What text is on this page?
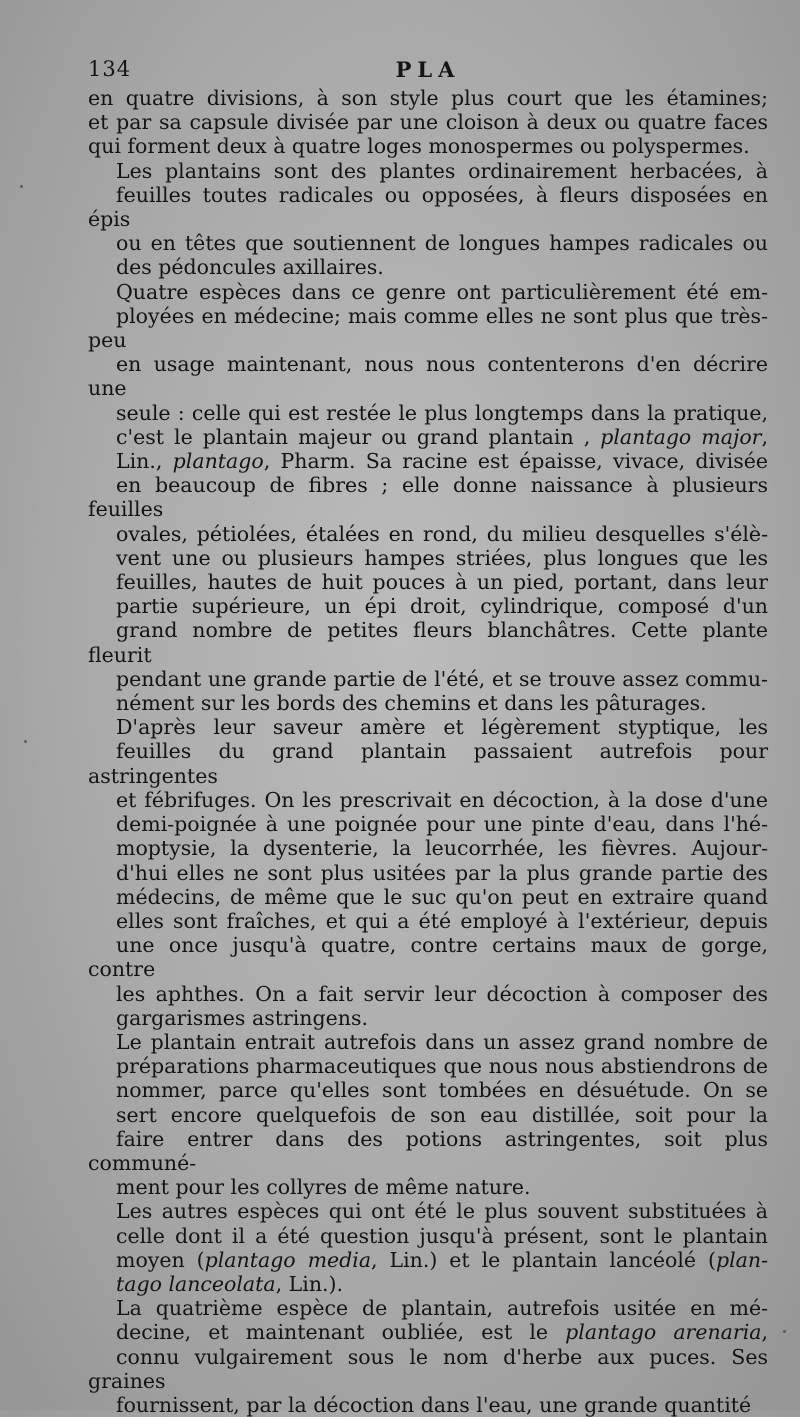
134	PLA

en quatre divisions, à son style plus court que les étamines;
et par sa capsule divisée par une cloison à deux ou quatre faces
qui forment deux à quatre loges monospermes ou polyspermes.

Les plantains sont des plantes ordinairement herbacées, à
feuilles toutes radicales ou opposées, à fleurs disposées en épis
ou en têtes que soutiennent de longues hampes radicales ou
des pédoncules axillaires.

Quatre espèces dans ce genre ont particulièrement été em-
ployées en médecine; mais comme elles ne sont plus que très-peu
en usage maintenant, nous nous contenterons d'en décrire une
seule : celle qui est restée le plus longtemps dans la pratique,
c'est le plantain majeur ou grand plantain , plantago major,
Lin., plantago, Pharm. Sa racine est épaisse, vivace, divisée
en beaucoup de fibres ; elle donne naissance à plusieurs feuilles
ovales, pétiolées, étalées en rond, du milieu desquelles s'élè-
vent une ou plusieurs hampes striées, plus longues que les
feuilles, hautes de huit pouces à un pied, portant, dans leur
partie supérieure, un épi droit, cylindrique, composé d'un
grand nombre de petites fleurs blanchâtres. Cette plante fleurit
pendant une grande partie de l'été, et se trouve assez commu-
nément sur les bords des chemins et dans les pâturages.

D'après leur saveur amère et légèrement styptique, les
feuilles du grand plantain passaient autrefois pour astringentes
et fébrifuges. On les prescrivait en décoction, à la dose d'une
demi-poignée à une poignée pour une pinte d'eau, dans l'hé-
moptysie, la dysenterie, la leucorrhée, les fièvres. Aujour-
d'hui elles ne sont plus usitées par la plus grande partie des
médecins, de même que le suc qu'on peut en extraire quand
elles sont fraîches, et qui a été employé à l'extérieur, depuis
une once jusqu'à quatre, contre certains maux de gorge, contre
les aphthes. On a fait servir leur décoction à composer des
gargarismes astringens.

Le plantain entrait autrefois dans un assez grand nombre de
préparations pharmaceutiques que nous nous abstiendrons de
nommer, parce qu'elles sont tombées en désuétude. On se
sert encore quelquefois de son eau distillée, soit pour la
faire entrer dans des potions astringentes, soit plus communé-
ment pour les collyres de même nature.

Les autres espèces qui ont été le plus souvent substituées à
celle dont il a été question jusqu'à présent, sont le plantain
moyen (plantago media, Lin.) et le plantain lancéolé (plan-
tago lanceolata, Lin.).

La quatrième espèce de plantain, autrefois usitée en mé-
decine, et maintenant oubliée, est le plantago arenaria,
connu vulgairement sous le nom d'herbe aux puces. Ses graines
fournissent, par la décoction dans l'eau, une grande quantité
